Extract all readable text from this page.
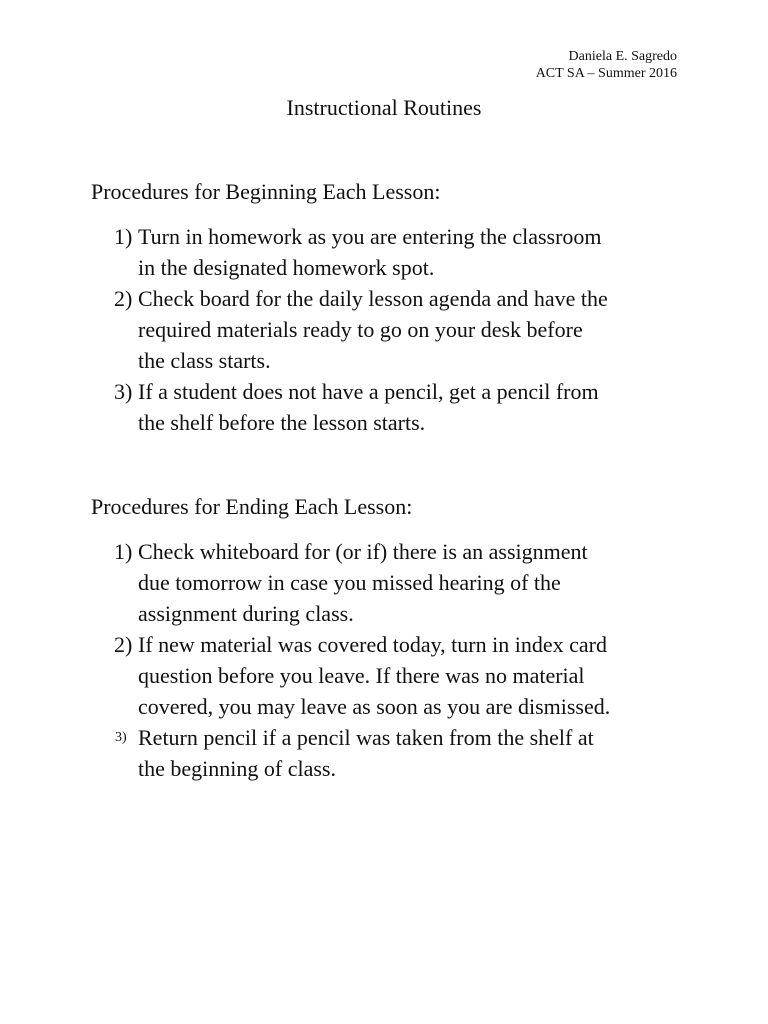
Daniela E. Sagredo
ACT SA – Summer 2016
Instructional Routines

Procedures for Beginning Each Lesson:

1) Turn in homework as you are entering the classroom
in the designated homework spot.
2) Check board for the daily lesson agenda and have the
required materials ready to go on your desk before
the class starts.
3) If a student does not have a pencil, get a pencil from
the shelf before the lesson starts.

Procedures for Ending Each Lesson:

1) Check whiteboard for (or if) there is an assignment
due tomorrow in case you missed hearing of the
assignment during class.
2) If new material was covered today, turn in index card
question before you leave. If there was no material
covered, you may leave as soon as you are dismissed.
3) Return pencil if a pencil was taken from the shelf at
the beginning of class.
